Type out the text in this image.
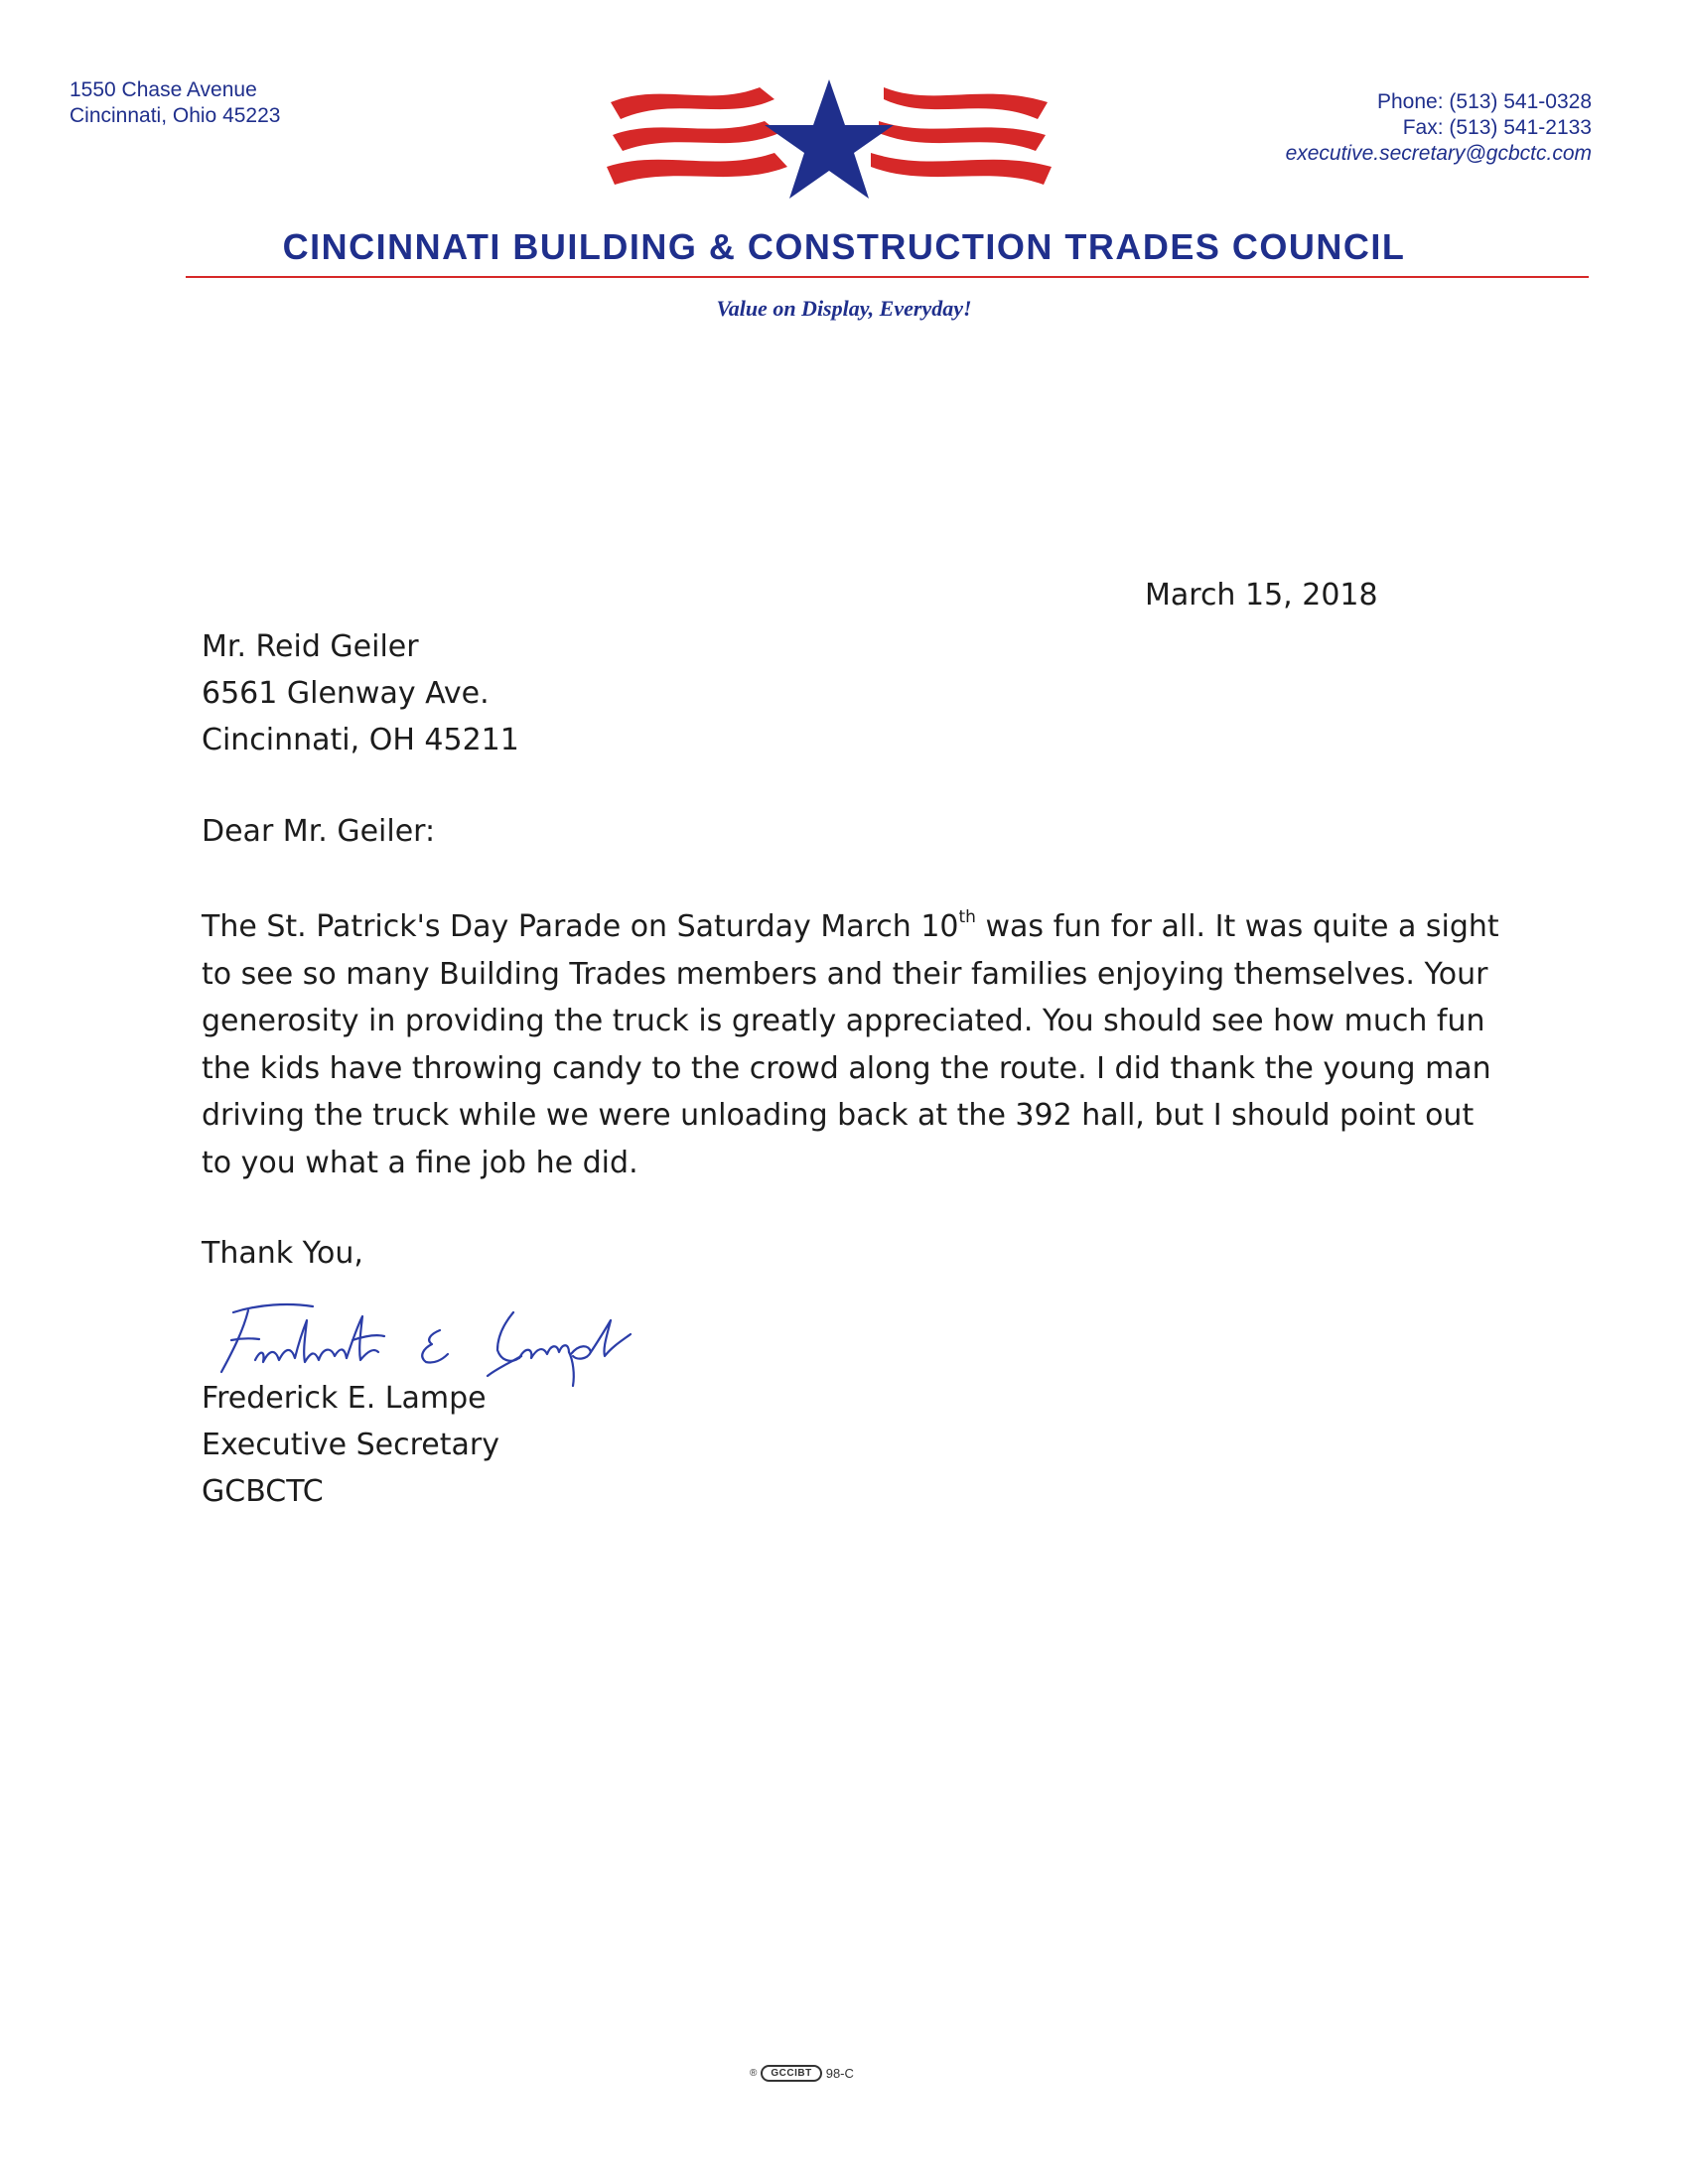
1550 Chase Avenue
Cincinnati, Ohio 45223
Phone: (513) 541-0328
Fax: (513) 541-2133
executive.secretary@gcbctc.com
CINCINNATI BUILDING & CONSTRUCTION TRADES COUNCIL
Value on Display, Everyday!
March 15, 2018
Mr. Reid Geiler
6561 Glenway Ave.
Cincinnati, OH 45211
Dear Mr. Geiler:
The St. Patrick's Day Parade on Saturday March 10th was fun for all. It was quite a sight to see so many Building Trades members and their families enjoying themselves. Your generosity in providing the truck is greatly appreciated. You should see how much fun the kids have throwing candy to the crowd along the route. I did thank the young man driving the truck while we were unloading back at the 392 hall, but I should point out to you what a fine job he did.
Thank You,
Frederick E. Lampe
Executive Secretary
GCBCTC
®	GCCIBT	98-C
